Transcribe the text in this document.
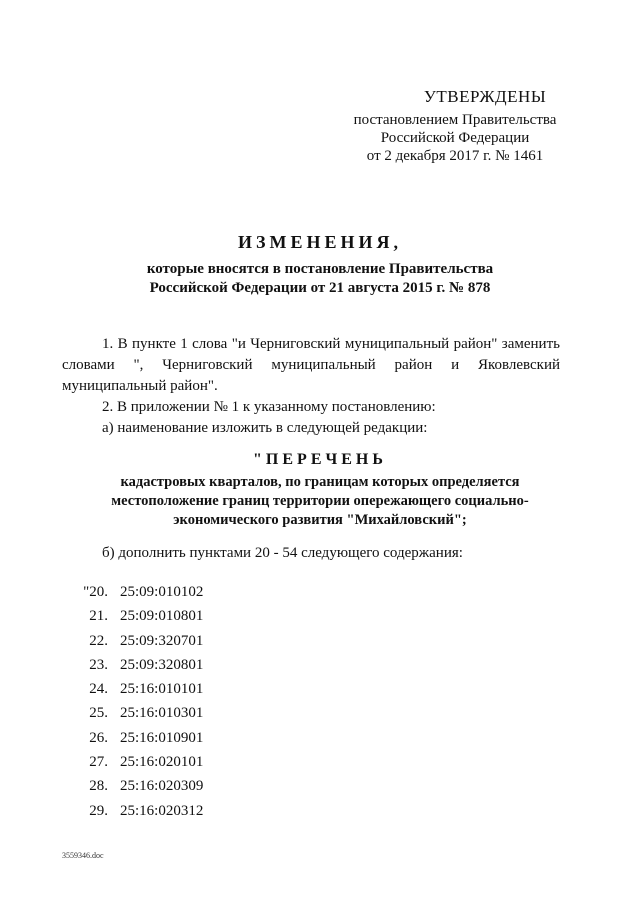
УТВЕРЖДЕНЫ
постановлением Правительства
Российской Федерации
от 2 декабря 2017 г. № 1461
ИЗМЕНЕНИЯ,
которые вносятся в постановление Правительства
Российской Федерации от 21 августа 2015 г. № 878
1. В пункте 1 слова "и Черниговский муниципальный район" заменить словами ", Черниговский муниципальный район и Яковлевский муниципальный район".
2. В приложении № 1 к указанному постановлению:
а) наименование изложить в следующей редакции:
"ПЕРЕЧЕНЬ
кадастровых кварталов, по границам которых определяется
местоположение границ территории опережающего социально-
экономического развития "Михайловский";
б) дополнить пунктами 20 - 54 следующего содержания:
"20. 25:09:010102
21. 25:09:010801
22. 25:09:320701
23. 25:09:320801
24. 25:16:010101
25. 25:16:010301
26. 25:16:010901
27. 25:16:020101
28. 25:16:020309
29. 25:16:020312
3559346.doc
